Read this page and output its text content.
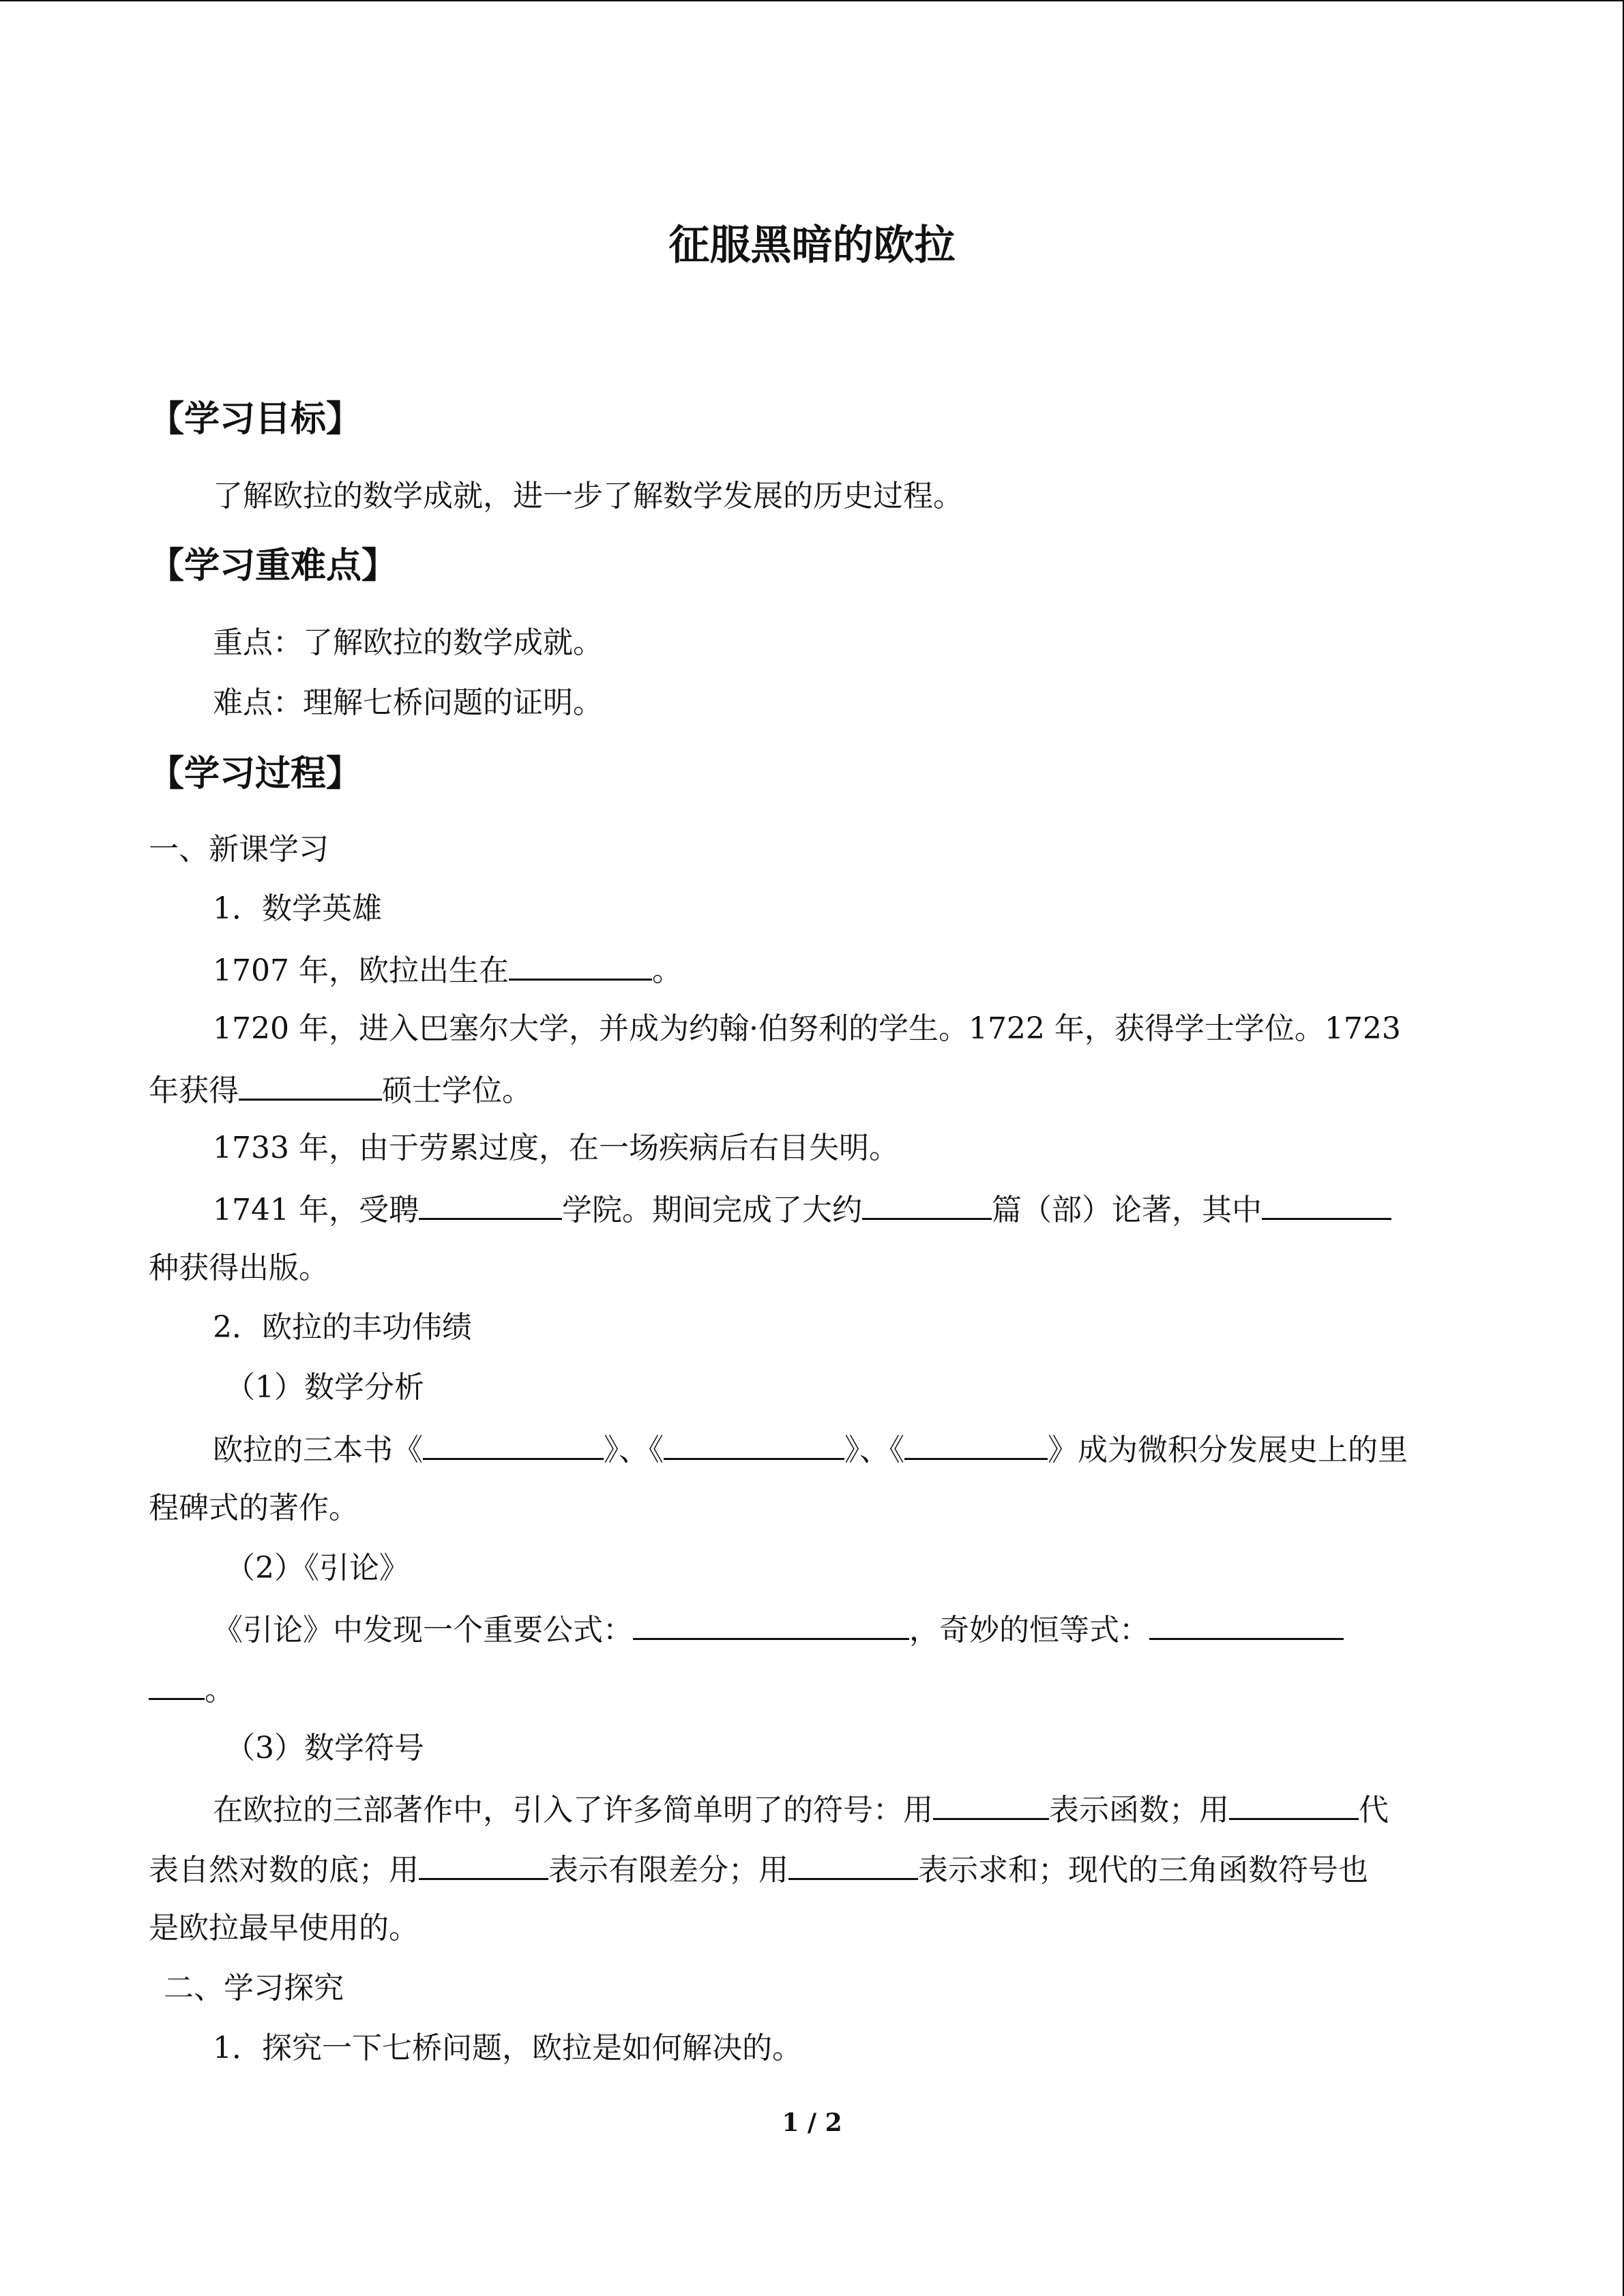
征服黑暗的欧拉
【学习目标】
了解欧拉的数学成就，进一步了解数学发展的历史过程。
【学习重难点】
重点：了解欧拉的数学成就。
难点：理解七桥问题的证明。
【学习过程】
一、新课学习
1．数学英雄
1707 年，欧拉出生在	。
1720 年，进入巴塞尔大学，并成为约翰·伯努利的学生。1722 年，获得学士学位。1723
年获得	硕士学位。
1733 年，由于劳累过度，在一场疾病后右目失明。
1741 年，受聘	学院。期间完成了大约	篇（部）论著，其中
种获得出版。
2．欧拉的丰功伟绩
（1）数学分析
欧拉的三本书《	》、《	》、《	》成为微积分发展史上的里
程碑式的著作。
（2）《引论》
《引论》中发现一个重要公式：	，奇妙的恒等式：
。
（3）数学符号
在欧拉的三部著作中，引入了许多简单明了的符号：用	表示函数；用	代
表自然对数的底；用	表示有限差分；用	表示求和；现代的三角函数符号也
是欧拉最早使用的。
二、学习探究
1．探究一下七桥问题，欧拉是如何解决的。
1 / 2
